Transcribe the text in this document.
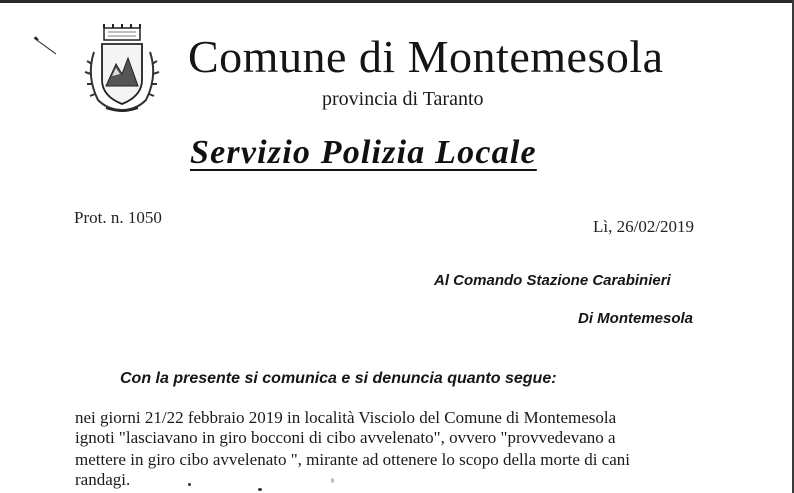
Comune di Montemesola
provincia di Taranto
Servizio Polizia Locale
Prot. n. 1050	Lì, 26/02/2019
Al Comando Stazione Carabinieri
Di Montemesola
Con la presente si comunica e si denuncia quanto segue:
nei giorni 21/22 febbraio 2019 in località Visciolo del Comune di Montemesola
ignoti "lasciavano in giro bocconi di cibo avvelenato", ovvero "provvedevano a
mettere in giro cibo avvelenato ", mirante ad ottenere lo scopo della morte di cani
randagi.
